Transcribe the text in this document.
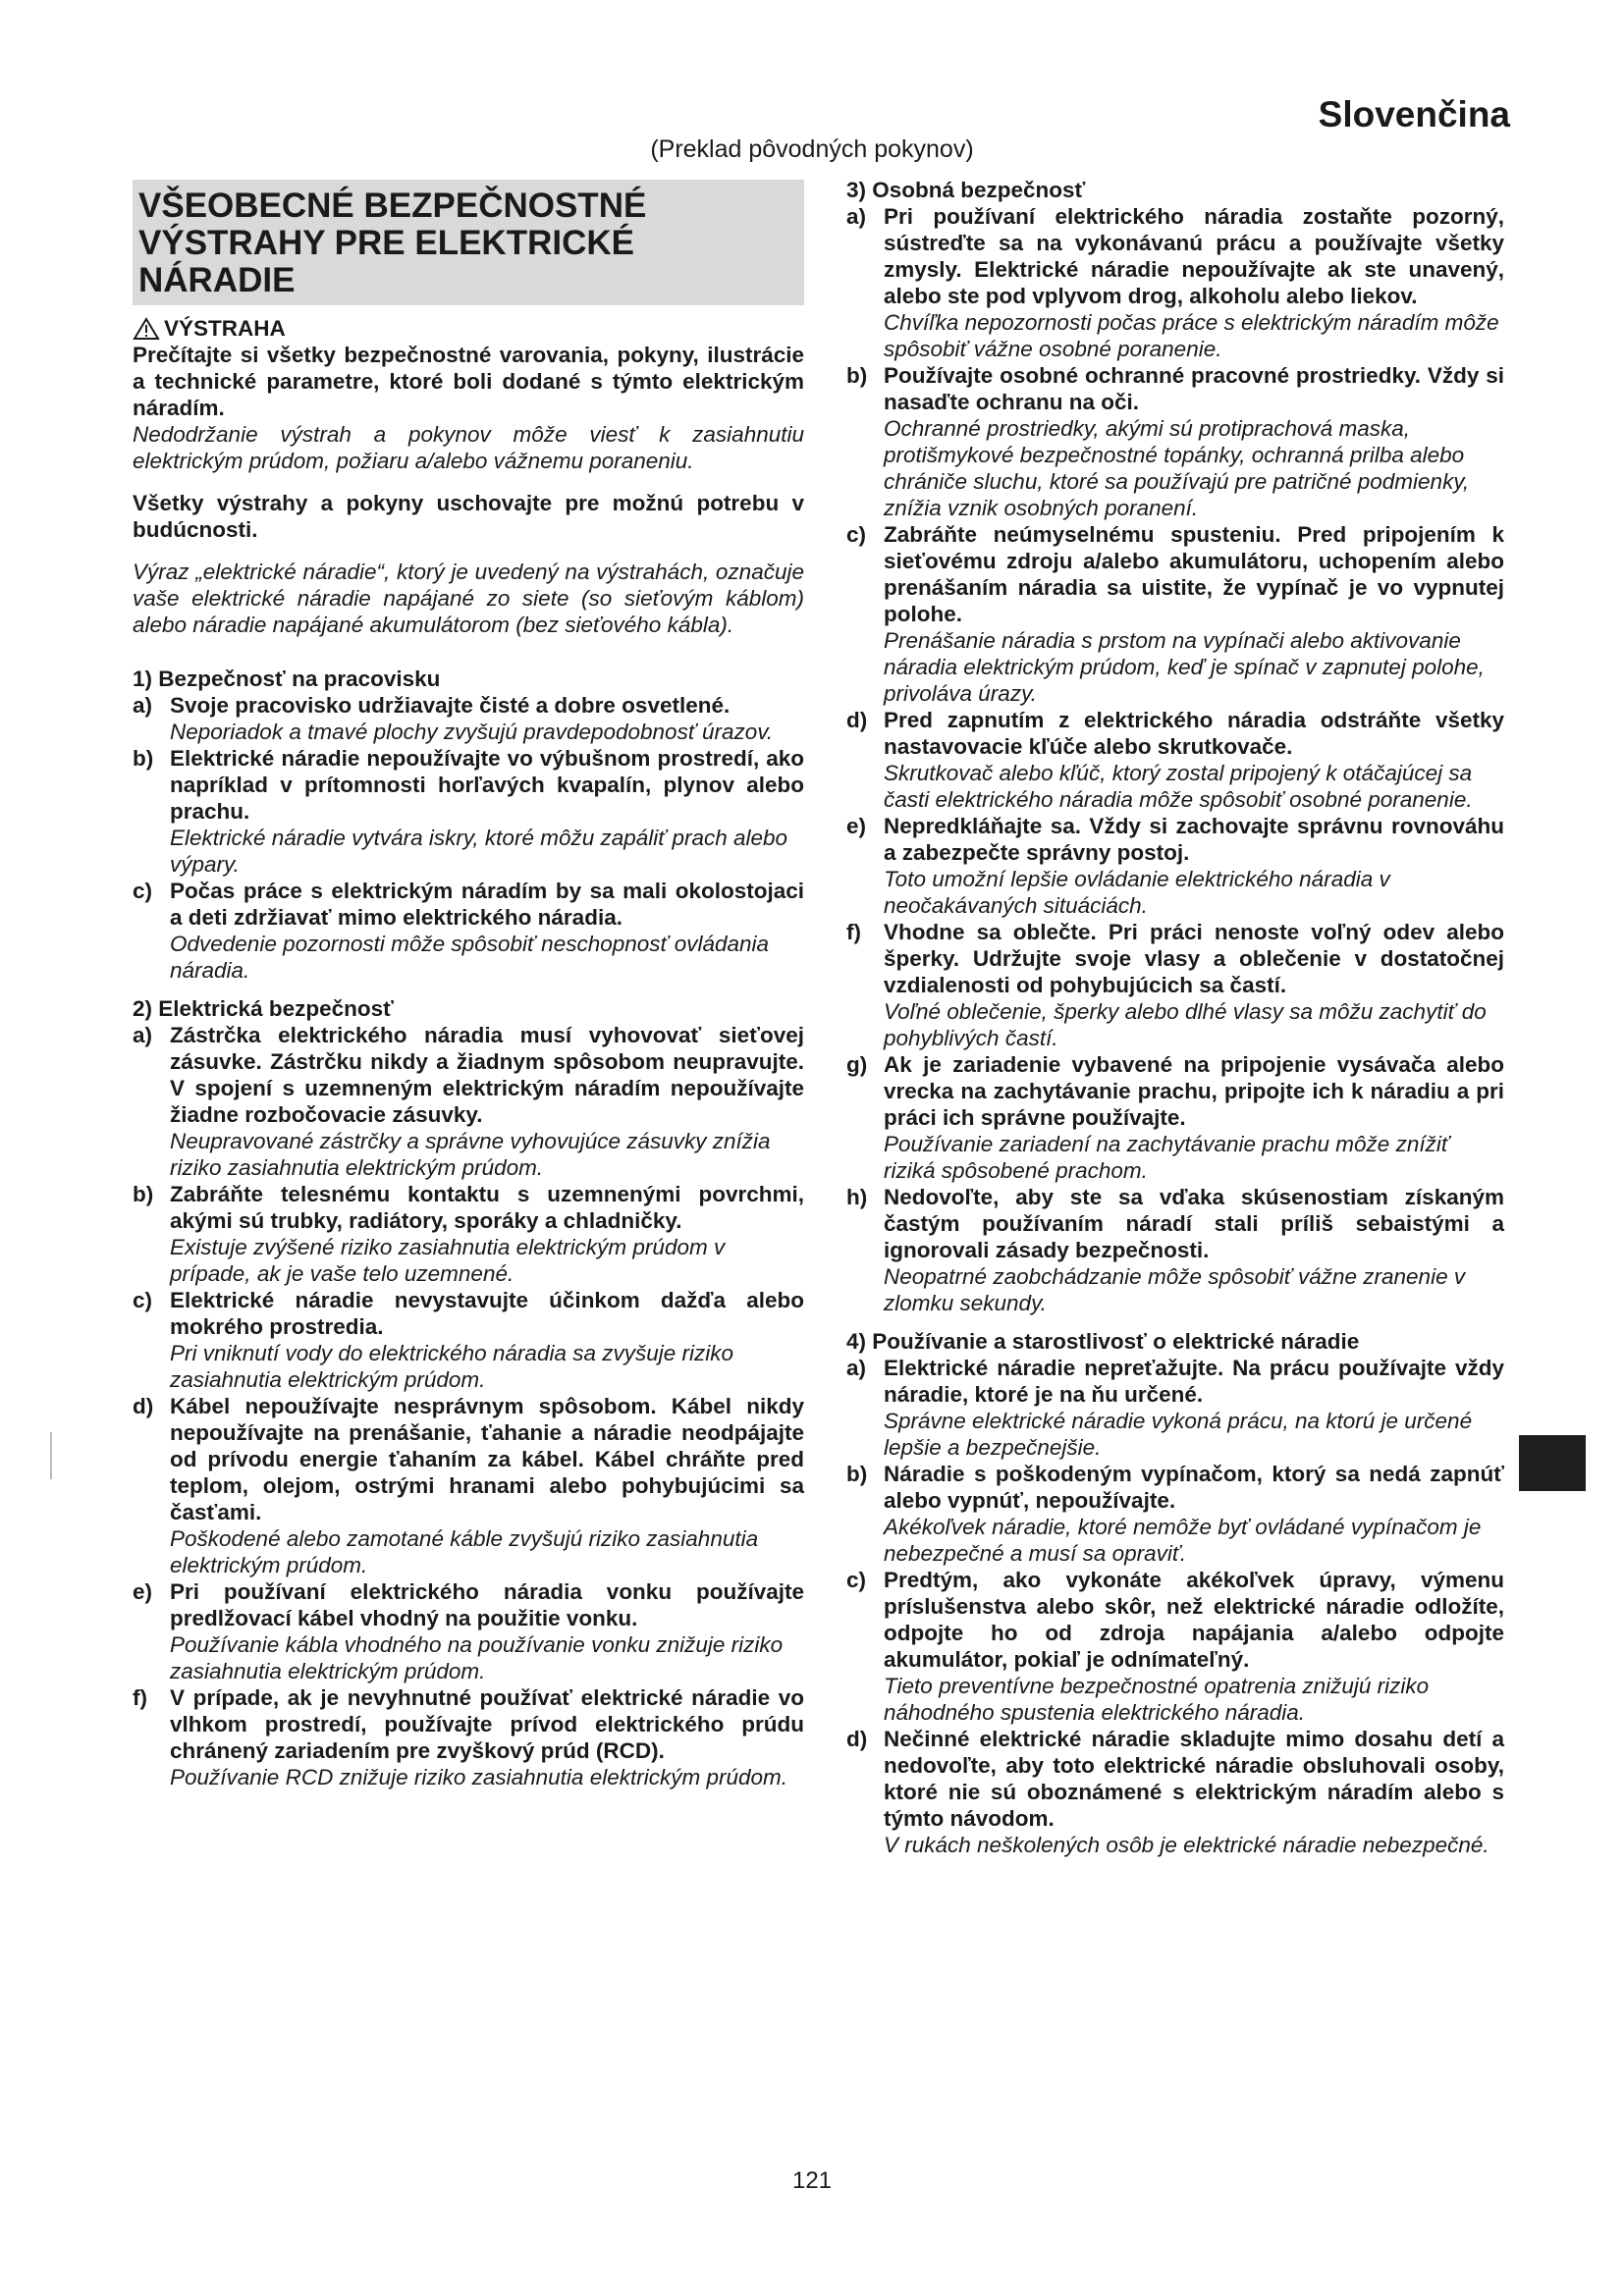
Slovenčina
(Preklad pôvodných pokynov)
VŠEOBECNÉ BEZPEČNOSTNÉ VÝSTRAHY PRE ELEKTRICKÉ NÁRADIE
VÝSTRAHA
Prečítajte si všetky bezpečnostné varovania, pokyny, ilustrácie a technické parametre, ktoré boli dodané s týmto elektrickým náradím.
Nedodržanie výstrah a pokynov môže viesť k zasiahnutiu elektrickým prúdom, požiaru a/alebo vážnemu poraneniu.
Všetky výstrahy a pokyny uschovajte pre možnú potrebu v budúcnosti.
Výraz „elektrické náradie“, ktorý je uvedený na výstrahách, označuje vaše elektrické náradie napájané zo siete (so sieťovým káblom) alebo náradie napájané akumulátorom (bez sieťového kábla).
1) Bezpečnosť na pracovisku
a) Svoje pracovisko udržiavajte čisté a dobre osvetlené.
Neporiadok a tmavé plochy zvyšujú pravdepodobnosť úrazov.
b) Elektrické náradie nepoužívajte vo výbušnom prostredí, ako napríklad v prítomnosti horľavých kvapalín, plynov alebo prachu.
Elektrické náradie vytvára iskry, ktoré môžu zapáliť prach alebo výpary.
c) Počas práce s elektrickým náradím by sa mali okolostojaci a deti zdržiavať mimo elektrického náradia.
Odvedenie pozornosti môže spôsobiť neschopnosť ovládania náradia.
2) Elektrická bezpečnosť
a) Zástrčka elektrického náradia musí vyhovovať sieťovej zásuvke. Zástrčku nikdy a žiadnym spôsobom neupravujte. V spojení s uzemneným elektrickým náradím nepoužívajte žiadne rozbočovacie zásuvky.
Neupravované zástrčky a správne vyhovujúce zásuvky znížia riziko zasiahnutia elektrickým prúdom.
b) Zabráňte telesnému kontaktu s uzemnenými povrchmi, akými sú trubky, radiátory, sporáky a chladničky.
Existuje zvýšené riziko zasiahnutia elektrickým prúdom v prípade, ak je vaše telo uzemnené.
c) Elektrické náradie nevystavujte účinkom dažďa alebo mokrého prostredia.
Pri vniknutí vody do elektrického náradia sa zvyšuje riziko zasiahnutia elektrickým prúdom.
d) Kábel nepoužívajte nesprávnym spôsobom. Kábel nikdy nepoužívajte na prenášanie, ťahanie a náradie neodpájajte od prívodu energie ťahaním za kábel. Kábel chráňte pred teplom, olejom, ostrými hranami alebo pohybujúcimi sa časťami.
Poškodené alebo zamotané káble zvyšujú riziko zasiahnutia elektrickým prúdom.
e) Pri používaní elektrického náradia vonku používajte predlžovací kábel vhodný na použitie vonku.
Používanie kábla vhodného na používanie vonku znižuje riziko zasiahnutia elektrickým prúdom.
f)	V prípade, ak je nevyhnutné používať elektrické náradie vo vlhkom prostredí, používajte prívod elektrického prúdu chránený zariadením pre zvyškový prúd (RCD).
Používanie RCD znižuje riziko zasiahnutia elektrickým prúdom.
3) Osobná bezpečnosť
a) Pri používaní elektrického náradia zostaňte pozorný, sústreďte sa na vykonávanú prácu a používajte všetky zmysly. Elektrické náradie nepoužívajte ak ste unavený, alebo ste pod vplyvom drog, alkoholu alebo liekov.
Chvíľka nepozornosti počas práce s elektrickým náradím môže spôsobiť vážne osobné poranenie.
b) Používajte osobné ochranné pracovné prostriedky. Vždy si nasaďte ochranu na oči.
Ochranné prostriedky, akými sú protiprachová maska, protišmykové bezpečnostné topánky, ochranná prilba alebo chrániče sluchu, ktoré sa používajú pre patričné podmienky, znížia vznik osobných poranení.
c) Zabráňte neúmyselnému spusteniu. Pred pripojením k sieťovému zdroju a/alebo akumulátoru, uchopením alebo prenášaním náradia sa uistite, že vypínač je vo vypnutej polohe.
Prenášanie náradia s prstom na vypínači alebo aktivovanie náradia elektrickým prúdom, keď je spínač v zapnutej polohe, privoláva úrazy.
d) Pred zapnutím z elektrického náradia odstráňte všetky nastavovacie kľúče alebo skrutkovače.
Skrutkovač alebo kľúč, ktorý zostal pripojený k otáčajúcej sa časti elektrického náradia môže spôsobiť osobné poranenie.
e) Nepredkláňajte sa. Vždy si zachovajte správnu rovnováhu a zabezpečte správny postoj.
Toto umožní lepšie ovládanie elektrického náradia v neočakávaných situáciách.
f)	Vhodne sa oblečte. Pri práci nenoste voľný odev alebo šperky. Udržujte svoje vlasy a oblečenie v dostatočnej vzdialenosti od pohybujúcich sa častí.
Voľné oblečenie, šperky alebo dlhé vlasy sa môžu zachytiť do pohyblivých častí.
g) Ak je zariadenie vybavené na pripojenie vysávača alebo vrecka na zachytávanie prachu, pripojte ich k náradiu a pri práci ich správne používajte.
Používanie zariadení na zachytávanie prachu môže znížiť riziká spôsobené prachom.
h) Nedovoľte, aby ste sa vďaka skúsenostiam získaným častým používaním náradí stali príliš sebaistými a ignorovali zásady bezpečnosti.
Neopatrné zaobchádzanie môže spôsobiť vážne zranenie v zlomku sekundy.
4) Používanie a starostlivosť o elektrické náradie
a) Elektrické náradie nepreťažujte. Na prácu používajte vždy náradie, ktoré je na ňu určené.
Správne elektrické náradie vykoná prácu, na ktorú je určené lepšie a bezpečnejšie.
b) Náradie s poškodeným vypínačom, ktorý sa nedá zapnúť alebo vypnúť, nepoužívajte.
Akékoľvek náradie, ktoré nemôže byť ovládané vypínačom je nebezpečné a musí sa opraviť.
c) Predtým, ako vykonáte akékoľvek úpravy, výmenu príslušenstva alebo skôr, než elektrické náradie odložíte, odpojte ho od zdroja napájania a/alebo odpojte akumulátor, pokiaľ je odnímateľný.
Tieto preventívne bezpečnostné opatrenia znižujú riziko náhodného spustenia elektrického náradia.
d) Nečinné elektrické náradie skladujte mimo dosahu detí a nedovoľte, aby toto elektrické náradie obsluhovali osoby, ktoré nie sú oboznámené s elektrickým náradím alebo s týmto návodom.
V rukách neškolených osôb je elektrické náradie nebezpečné.
121
